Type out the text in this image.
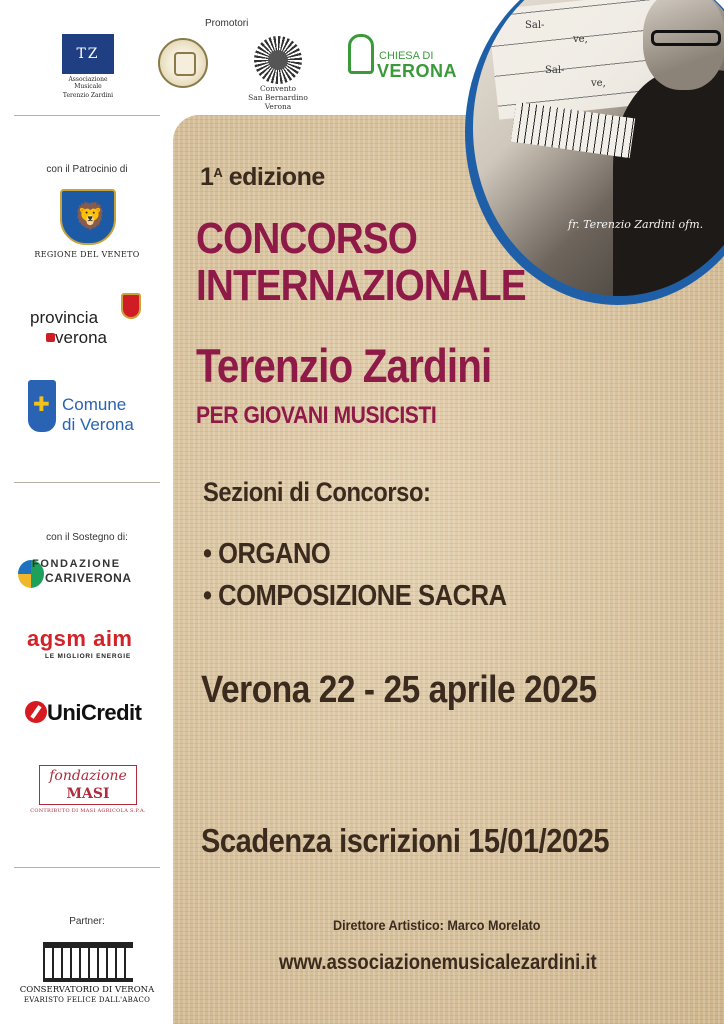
Sal-
ve,
Sal-
ve,
fr. Terenzio Zardini ofm.
Promotori
TZ
Associazione Musicale
Terenzio Zardini
Convento
San Bernardino
Verona
CHIESA DI
VERONA
con il Patrocinio di
🦁
REGIONE DEL VENETO
provincia
verona
✚
Comune
di Verona
con il Sostegno di:
FONDAZIONE
CARIVERONA
agsm aim
LE MIGLIORI ENERGIE
UniCredit
fondazione
MASI
CONTRIBUTO DI MASI AGRICOLA S.P.A.
Partner:
CONSERVATORIO DI VERONA
EVARISTO FELICE DALL'ABACO
$1^A$ edizione
CONCORSO
INTERNAZIONALE
Terenzio Zardini
PER GIOVANI MUSICISTI
Sezioni di Concorso:
• ORGANO
• COMPOSIZIONE SACRA
Verona 22 - 25 aprile 2025
Scadenza iscrizioni 15/01/2025
Direttore Artistico: Marco Morelato
www.associazionemusicalezardini.it
